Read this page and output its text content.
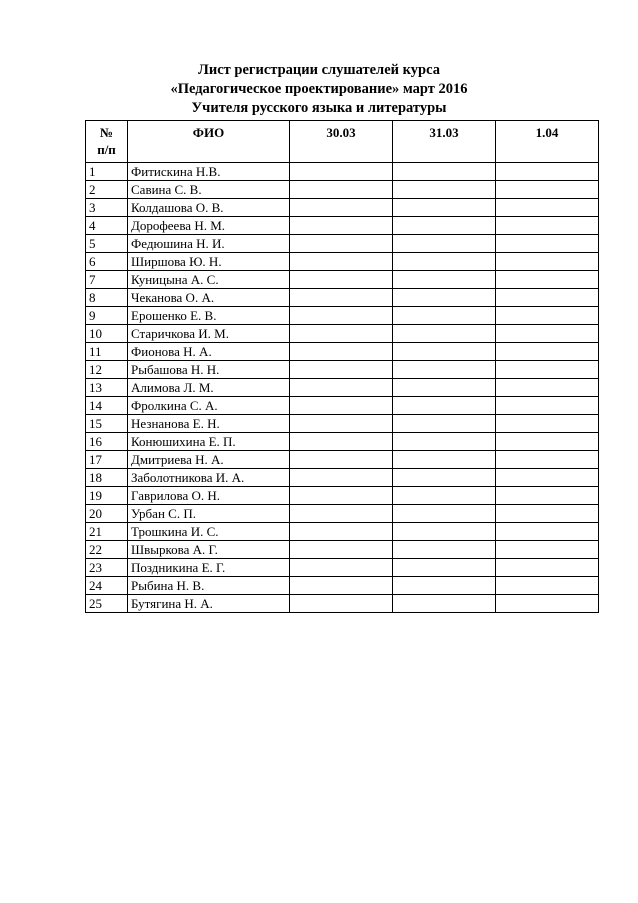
Лист регистрации слушателей курса
«Педагогическое проектирование» март 2016
Учителя русского языка и литературы
№
п/п	ФИО	30.03	31.03	1.04
1	Фитискина Н.В.			
2	Савина С. В.			
3	Колдашова О. В.			
4	Дорофеева Н. М.			
5	Федюшина Н. И.			
6	Ширшова Ю. Н.			
7	Куницына А. С.			
8	Чеканова О. А.			
9	Ерошенко Е. В.			
10	Старичкова И. М.			
11	Фионова Н. А.			
12	Рыбашова Н. Н.			
13	Алимова Л. М.			
14	Фролкина С. А.			
15	Незнанова Е. Н.			
16	Конюшихина Е. П.			
17	Дмитриева Н. А.			
18	Заболотникова И. А.			
19	Гаврилова О. Н.			
20	Урбан С. П.			
21	Трошкина И. С.			
22	Швыркова А. Г.			
23	Поздникина Е. Г.			
24	Рыбина Н. В.			
25	Бутягина Н. А.			
